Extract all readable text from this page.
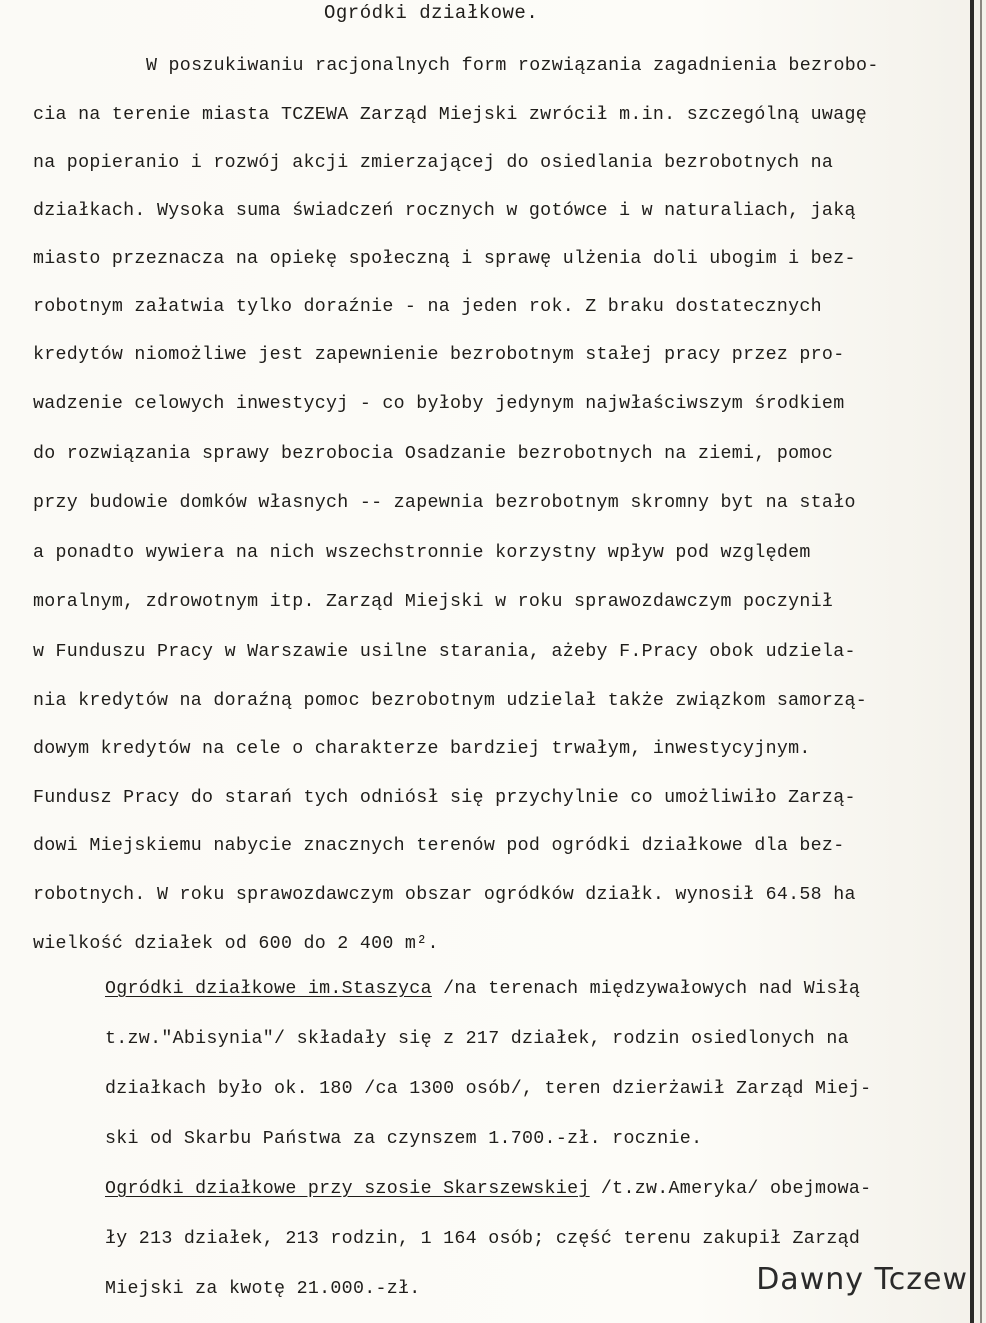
Ogródki działkowe.
W poszukiwaniu racjonalnych form rozwiązania zagadnienia bezrobo-
cia na terenie miasta TCZEWA Zarząd Miejski zwrócił m.in. szczególną uwagę
na popieranio i rozwój akcji zmierzającej do osiedlania bezrobotnych na
działkach. Wysoka suma świadczeń rocznych w gotówce i w naturaliach, jaką
miasto przeznacza na opiekę społeczną i sprawę ulżenia doli ubogim i bez-
robotnym załatwia tylko doraźnie - na jeden rok. Z braku dostatecznych
kredytów niomożliwe jest zapewnienie bezrobotnym stałej pracy przez pro-
wadzenie celowych inwestycyj - co byłoby jedynym najwłaściwszym środkiem
do rozwiązania sprawy bezrobocia Osadzanie bezrobotnych na ziemi, pomoc
przy budowie domków własnych -- zapewnia bezrobotnym skromny byt na stało
a ponadto wywiera na nich wszechstronnie korzystny wpływ pod względem
moralnym, zdrowotnym itp. Zarząd Miejski w roku sprawozdawczym poczynił
w Funduszu Pracy w Warszawie usilne starania, ażeby F.Pracy obok udziela-
nia kredytów na doraźną pomoc bezrobotnym udzielał także związkom samorzą-
dowym kredytów na cele o charakterze bardziej trwałym, inwestycyjnym.
Fundusz Pracy do starań tych odniósł się przychylnie co umożliwiło Zarzą-
dowi Miejskiemu nabycie znacznych terenów pod ogródki działkowe dla bez-
robotnych. W roku sprawozdawczym obszar ogródków działk. wynosił 64.58 ha
wielkość działek od 600 do 2 400 m².
Ogródki działkowe im.Staszyca /na terenach międzywałowych nad Wisłą
t.zw."Abisynia"/ składały się z 217 działek, rodzin osiedlonych na
działkach było ok. 180 /ca 1300 osób/, teren dzierżawił Zarząd Miej-
ski od Skarbu Państwa za czynszem 1.700.-zł. rocznie.
Ogródki działkowe przy szosie Skarszewskiej /t.zw.Ameryka/ obejmowa-
ły 213 działek, 213 rodzin, 1 164 osób; część terenu zakupił Zarząd
Miejski za kwotę 21.000.-zł.	Dawny Tczew
